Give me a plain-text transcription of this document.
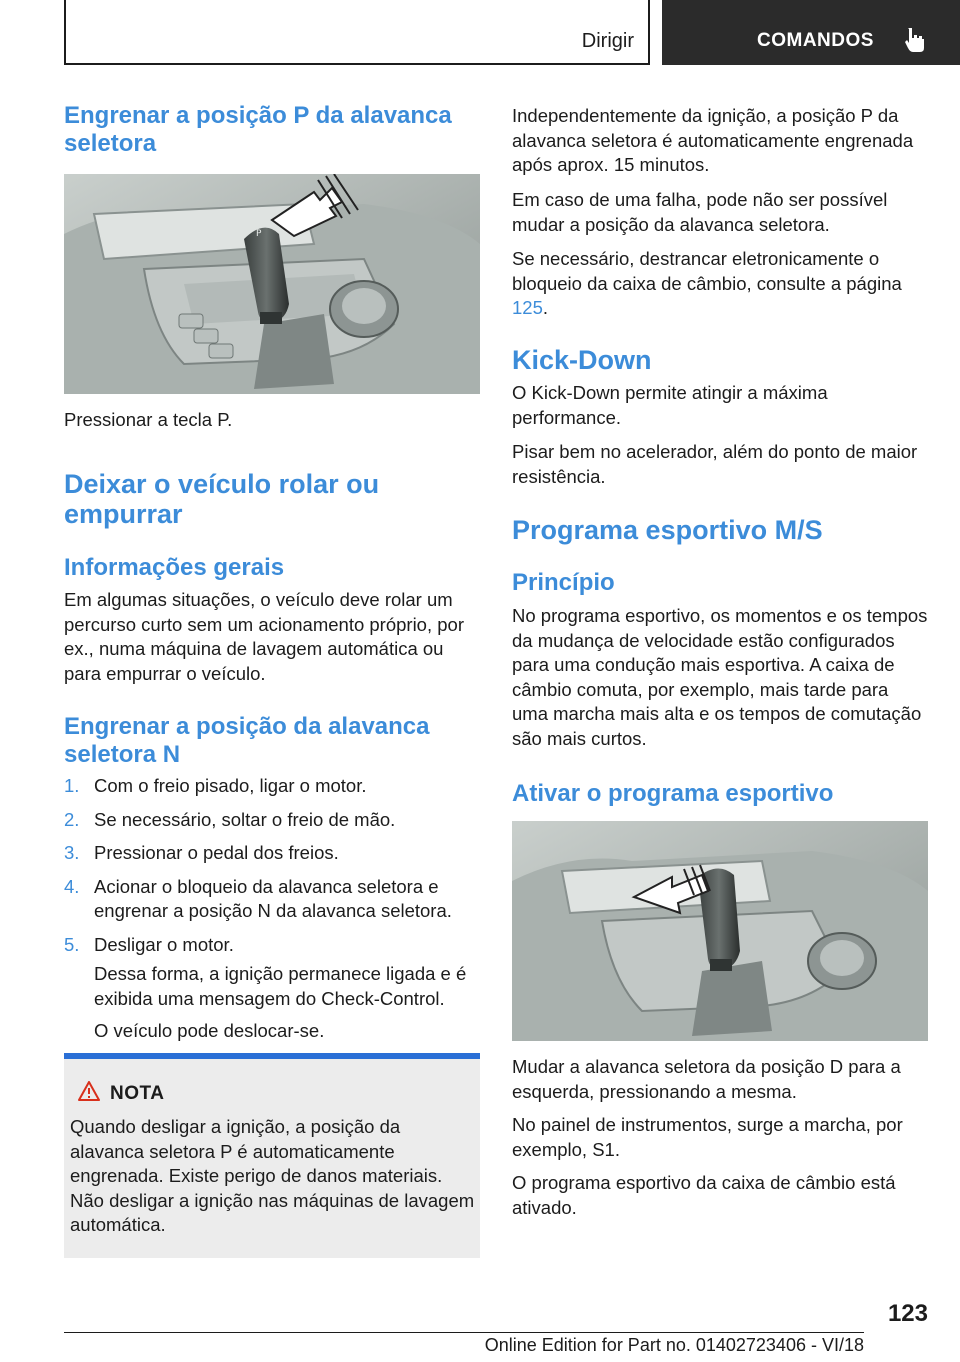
Dirigir	COMANDOS
Engrenar a posição P da alavanca seletora
P
Pressionar a tecla P.
Deixar o veículo rolar ou empurrar
Informações gerais
Em algumas situações, o veículo deve rolar um percurso curto sem um acionamento próprio, por ex., numa máquina de lavagem automática ou para empurrar o veículo.
Engrenar a posição da alavanca seletora N
1. Com o freio pisado, ligar o motor.
2. Se necessário, soltar o freio de mão.
3. Pressionar o pedal dos freios.
4. Acionar o bloqueio da alavanca seletora e engrenar a posição N da alavanca seletora.
5. Desligar o motor.
Dessa forma, a ignição permanece ligada e é exibida uma mensagem do Check-Control.
O veículo pode deslocar-se.
NOTA
Quando desligar a ignição, a posição da alavanca seletora P é automaticamente engrenada. Existe perigo de danos materiais. Não desligar a ignição nas máquinas de lavagem automática.
Independentemente da ignição, a posição P da alavanca seletora é automaticamente engrenada após aprox. 15 minutos.
Em caso de uma falha, pode não ser possível mudar a posição da alavanca seletora.
Se necessário, destrancar eletronicamente o bloqueio da caixa de câmbio, consulte a página 125.
Kick-Down
O Kick-Down permite atingir a máxima performance.
Pisar bem no acelerador, além do ponto de maior resistência.
Programa esportivo M/S
Princípio
No programa esportivo, os momentos e os tempos da mudança de velocidade estão configurados para uma condução mais esportiva. A caixa de câmbio comuta, por exemplo, mais tarde para uma marcha mais alta e os tempos de comutação são mais curtos.
Ativar o programa esportivo
Mudar a alavanca seletora da posição D para a esquerda, pressionando a mesma.
No painel de instrumentos, surge a marcha, por exemplo, S1.
O programa esportivo da caixa de câmbio está ativado.
123
Online Edition for Part no. 01402723406 - VI/18
